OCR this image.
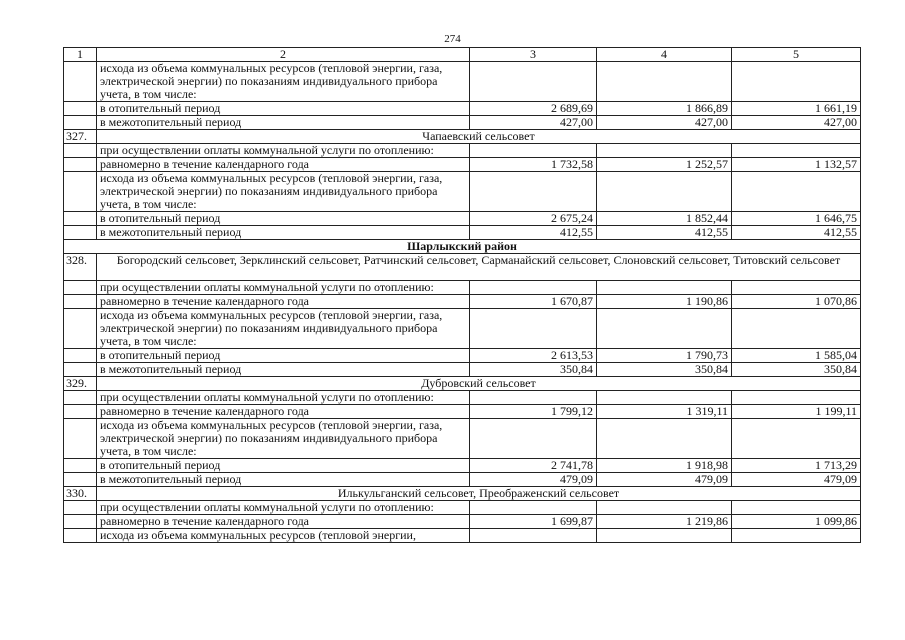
274
1	2	3	4	5
	исхода из объема коммунальных ресурсов (тепловой энергии, газа, электрической энергии) по показаниям индивидуального прибора учета, в том числе:			
	в отопительный период	2 689,69	1 866,89	1 661,19
	в межотопительный период	427,00	427,00	427,00
327.	Чапаевский сельсовет			
	при осуществлении оплаты коммунальной услуги по отоплению:			
	равномерно в течение календарного года	1 732,58	1 252,57	1 132,57
	исхода из объема коммунальных ресурсов (тепловой энергии, газа, электрической энергии) по показаниям индивидуального прибора учета, в том числе:			
	в отопительный период	2 675,24	1 852,44	1 646,75
	в межотопительный период	412,55	412,55	412,55
Шарлыкский район				
328.	Богородский сельсовет, Зерклинский сельсовет, Ратчинский сельсовет, Сарманайский сельсовет, Слоновский сельсовет, Титовский сельсовет			
	при осуществлении оплаты коммунальной услуги по отоплению:			
	равномерно в течение календарного года	1 670,87	1 190,86	1 070,86
	исхода из объема коммунальных ресурсов (тепловой энергии, газа, электрической энергии) по показаниям индивидуального прибора учета, в том числе:			
	в отопительный период	2 613,53	1 790,73	1 585,04
	в межотопительный период	350,84	350,84	350,84
329.	Дубровский сельсовет			
	при осуществлении оплаты коммунальной услуги по отоплению:			
	равномерно в течение календарного года	1 799,12	1 319,11	1 199,11
	исхода из объема коммунальных ресурсов (тепловой энергии, газа, электрической энергии) по показаниям индивидуального прибора учета, в том числе:			
	в отопительный период	2 741,78	1 918,98	1 713,29
	в межотопительный период	479,09	479,09	479,09
330.	Илькульганский сельсовет, Преображенский сельсовет			
	при осуществлении оплаты коммунальной услуги по отоплению:			
	равномерно в течение календарного года	1 699,87	1 219,86	1 099,86
	исхода из объема коммунальных ресурсов (тепловой энергии,			
